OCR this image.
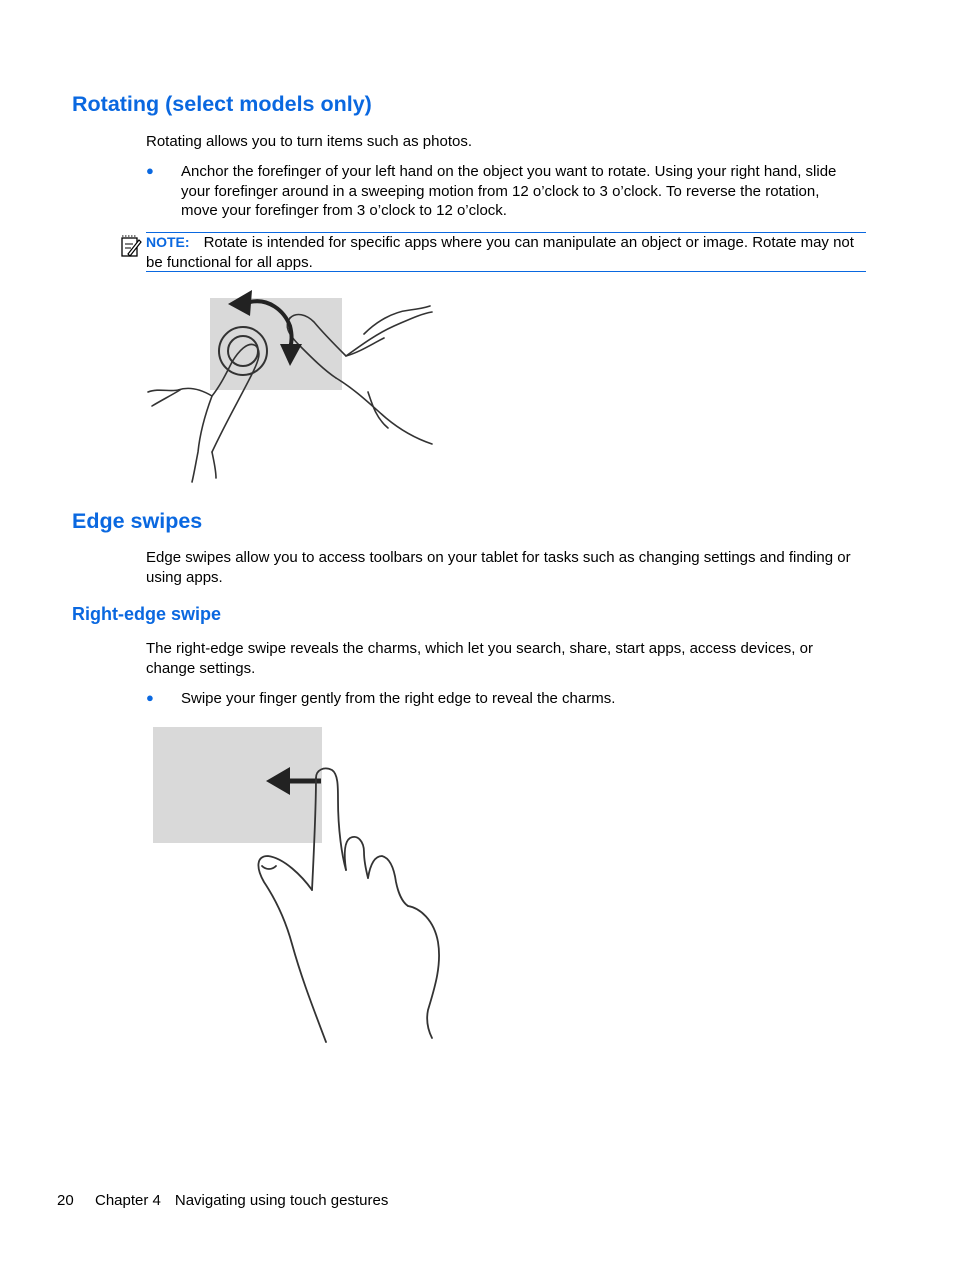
Rotating (select models only)

Rotating allows you to turn items such as photos.

● Anchor the forefinger of your left hand on the object you want to rotate. Using your right hand, slide your forefinger around in a sweeping motion from 12 o’clock to 3 o’clock. To reverse the rotation, move your forefinger from 3 o’clock to 12 o’clock.

NOTE: Rotate is intended for specific apps where you can manipulate an object or image. Rotate may not be functional for all apps.

Edge swipes

Edge swipes allow you to access toolbars on your tablet for tasks such as changing settings and finding or using apps.

Right-edge swipe

The right-edge swipe reveals the charms, which let you search, share, start apps, access devices, or change settings.

● Swipe your finger gently from the right edge to reveal the charms.

20 Chapter 4 Navigating using touch gestures
